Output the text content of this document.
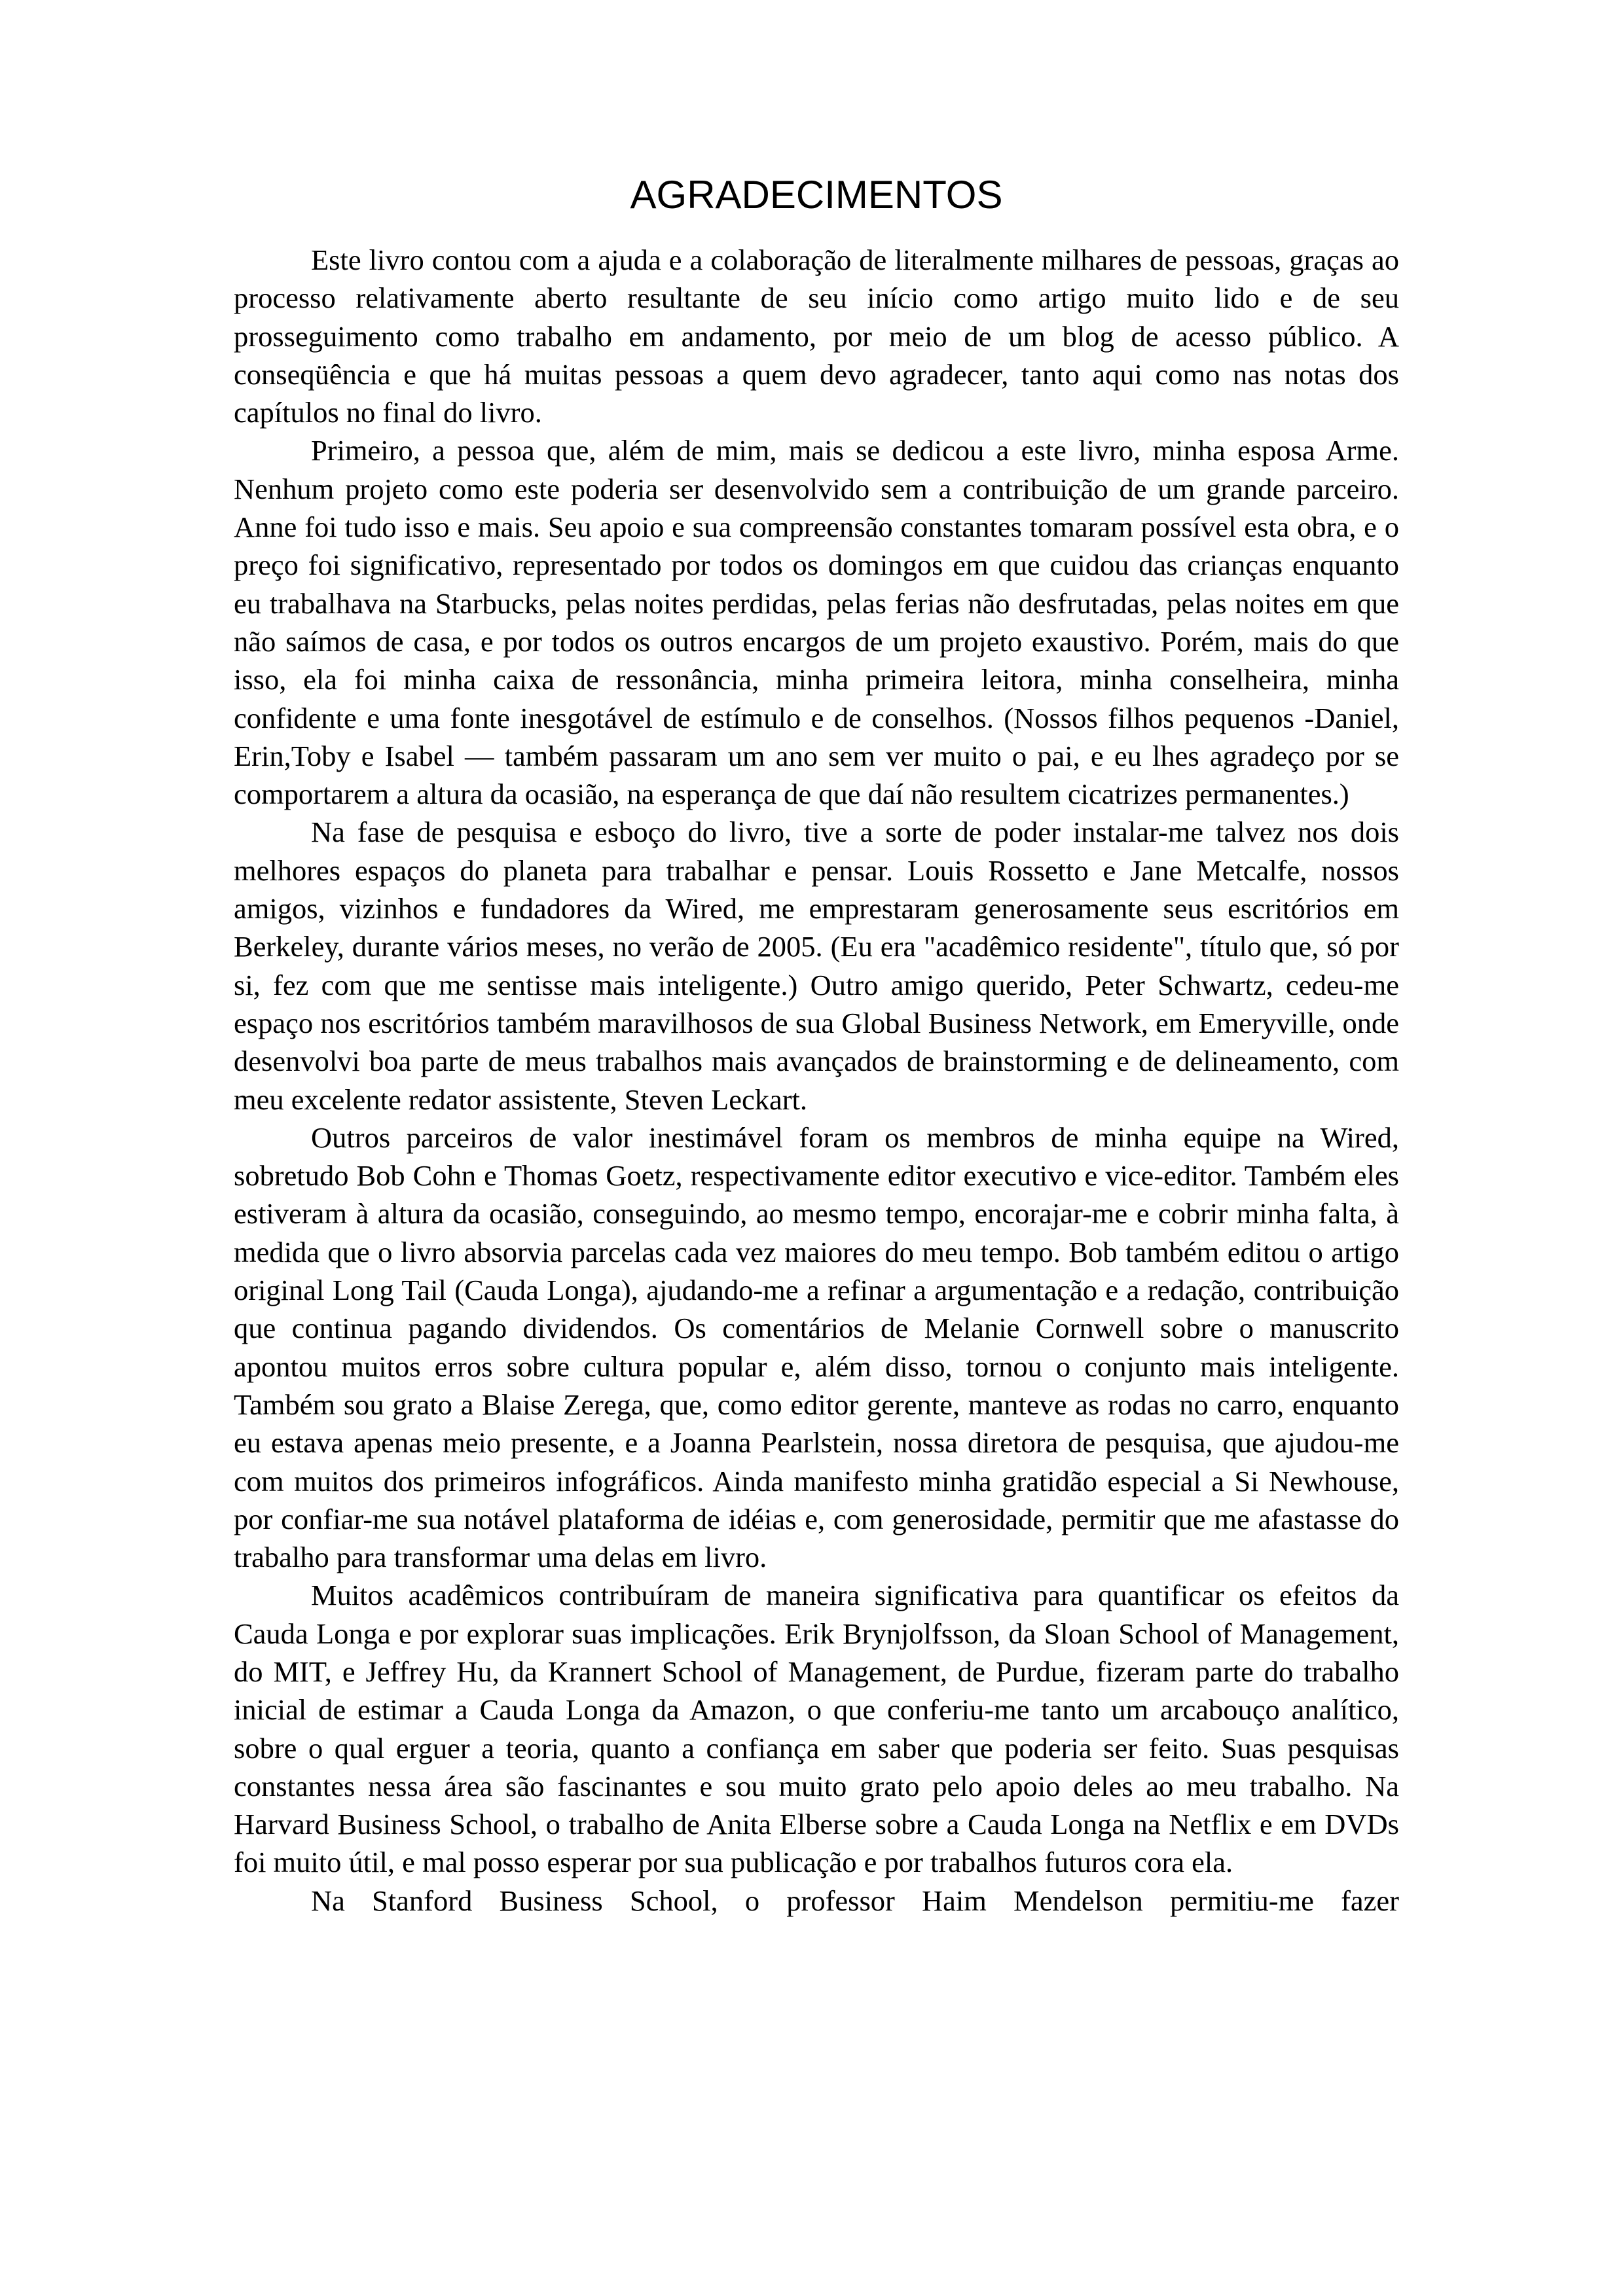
AGRADECIMENTOS

Este livro contou com a ajuda e a colaboração de literalmente milhares de pessoas, graças ao processo relativamente aberto resultante de seu início como artigo muito lido e de seu prosseguimento como trabalho em andamento, por meio de um blog de acesso público. A conseqüência e que há muitas pessoas a quem devo agradecer, tanto aqui como nas notas dos capítulos no final do livro.

Primeiro, a pessoa que, além de mim, mais se dedicou a este livro, minha esposa Arme. Nenhum projeto como este poderia ser desenvolvido sem a contribuição de um grande parceiro. Anne foi tudo isso e mais. Seu apoio e sua compreensão constantes tomaram possível esta obra, e o preço foi significativo, representado por todos os domingos em que cuidou das crianças enquanto eu trabalhava na Starbucks, pelas noites perdidas, pelas ferias não desfrutadas, pelas noites em que não saímos de casa, e por todos os outros encargos de um projeto exaustivo. Porém, mais do que isso, ela foi minha caixa de ressonância, minha primeira leitora, minha conselheira, minha confidente e uma fonte inesgotável de estímulo e de conselhos. (Nossos filhos pequenos -Daniel, Erin,Toby e Isabel — também passaram um ano sem ver muito o pai, e eu lhes agradeço por se comportarem a altura da ocasião, na esperança de que daí não resultem cicatrizes permanentes.)

Na fase de pesquisa e esboço do livro, tive a sorte de poder instalar-me talvez nos dois melhores espaços do planeta para trabalhar e pensar. Louis Rossetto e Jane Metcalfe, nossos amigos, vizinhos e fundadores da Wired, me emprestaram generosamente seus escritórios em Berkeley, durante vários meses, no verão de 2005. (Eu era "acadêmico residente", título que, só por si, fez com que me sentisse mais inteligente.) Outro amigo querido, Peter Schwartz, cedeu-me espaço nos escritórios também maravilhosos de sua Global Business Network, em Emeryville, onde desenvolvi boa parte de meus trabalhos mais avançados de brainstorming e de delineamento, com meu excelente redator assistente, Steven Leckart.

Outros parceiros de valor inestimável foram os membros de minha equipe na Wired, sobretudo Bob Cohn e Thomas Goetz, respectivamente editor executivo e vice-editor. Também eles estiveram à altura da ocasião, conseguindo, ao mesmo tempo, encorajar-me e cobrir minha falta, à medida que o livro absorvia parcelas cada vez maiores do meu tempo. Bob também editou o artigo original Long Tail (Cauda Longa), ajudando-me a refinar a argumentação e a redação, contribuição que continua pagando dividendos. Os comentários de Melanie Cornwell sobre o manuscrito apontou muitos erros sobre cultura popular e, além disso, tornou o conjunto mais inteligente. Também sou grato a Blaise Zerega, que, como editor gerente, manteve as rodas no carro, enquanto eu estava apenas meio presente, e a Joanna Pearlstein, nossa diretora de pesquisa, que ajudou-me com muitos dos primeiros infográficos. Ainda manifesto minha gratidão especial a Si Newhouse, por confiar-me sua notável plataforma de idéias e, com generosidade, permitir que me afastasse do trabalho para transformar uma delas em livro.

Muitos acadêmicos contribuíram de maneira significativa para quantificar os efeitos da Cauda Longa e por explorar suas implicações. Erik Brynjolfsson, da Sloan School of Management, do MIT, e Jeffrey Hu, da Krannert School of Management, de Purdue, fizeram parte do trabalho inicial de estimar a Cauda Longa da Amazon, o que conferiu-me tanto um arcabouço analítico, sobre o qual erguer a teoria, quanto a confiança em saber que poderia ser feito. Suas pesquisas constantes nessa área são fascinantes e sou muito grato pelo apoio deles ao meu trabalho. Na Harvard Business School, o trabalho de Anita Elberse sobre a Cauda Longa na Netflix e em DVDs foi muito útil, e mal posso esperar por sua publicação e por trabalhos futuros cora ela.

Na Stanford Business School, o professor Haim Mendelson permitiu-me fazer
